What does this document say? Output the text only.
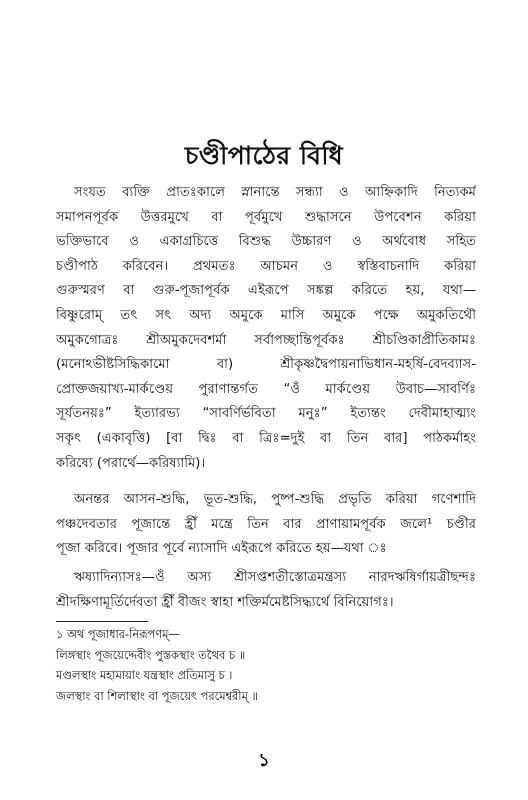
চণ্ডীপাঠের বিধি
সংযত ব্যক্তি প্রাতঃকালে স্নানান্তে সন্ধ্যা ও আহ্নিকাদি নিত্যকর্ম
সমাপনপূর্বক উত্তরমুখে বা পূর্বমুখে শুদ্ধাসনে উপবেশন করিয়া
ভক্তিভাবে ও একাগ্রচিত্তে বিশুদ্ধ উচ্চারণ ও অর্থবোধ সহিত
চণ্ডীপাঠ করিবেন। প্রথমতঃ আচমন ও স্বস্তিবাচনাদি করিয়া
গুরুস্মরণ বা গুরু-পূজাপূর্বক এইরূপে সঙ্কল্প করিতে হয়, যথা—
বিষ্ণুরোম্ তৎ সৎ অদ্য অমুকে মাসি অমুকে পক্ষে অমুকতিথৌ
অমুকগোত্রঃ শ্রীঅমুকদেবশর্মা সর্বাপচ্ছান্তিপূর্বকঃ শ্রীচণ্ডিকাপ্রীতিকামঃ
(মনোঽভীষ্টসিদ্ধিকামো বা) শ্রীকৃষ্ণদ্বৈপায়নাভিধান-মহর্ষি-বেদব্যাস-
প্রোক্তজয়াখ্য-মার্কণ্ডেয় পুরাণান্তর্গত “ওঁ মার্কণ্ডেয় উবাচ—সাবর্ণিঃ
সূর্যতনয়ঃ” ইত্যারভ্য “সাবর্ণির্ভবিতা মনুঃ” ইত্যন্তং দেবীমাহাত্ম্যং
সকৃৎ (একাবৃত্তি) [বা দ্বিঃ বা ত্রিঃ=দুই বা তিন বার] পাঠকর্মাহং
করিষ্যে (পরার্থে—করিষ্যামি)।
অনন্তর আসন-শুদ্ধি, ভূত-শুদ্ধি, পুষ্প-শুদ্ধি প্রভৃতি করিয়া গণেশাদি
পঞ্চদেবতার পূজান্তে হ্রীঁ মন্ত্রে তিন বার প্রাণায়ামপূর্বক জলে¹ চণ্ডীর
পূজা করিবে। পূজার পূর্বে ন্যাসাদি এইরূপে করিতে হয়—যথা ঃ
ঋষ্যাদিন্যাসঃ—ওঁ অস্য শ্রীসপ্তশতীস্তোত্রমন্ত্রস্য নারদঋষির্গায়ত্রীছন্দঃ
শ্রীদক্ষিণামূর্তির্দেবতা হ্রীঁ বীজং স্বাহা শক্তির্মমেষ্টসিদ্ধ্যর্থে বিনিয়োগঃ।
১ অথ পূজাধার-নিরূপণম্—
লিঙ্গস্থাং পূজয়েদ্দেবীং পুস্তকস্থাং তথৈব চ ॥
মণ্ডলস্থাং মহামায়াং যন্ত্রস্থাং প্রতিমাসু চ ।
জলস্থাং বা শিলাস্থাং বা পূজয়েৎ পরমেশ্বরীম্ ॥
১
